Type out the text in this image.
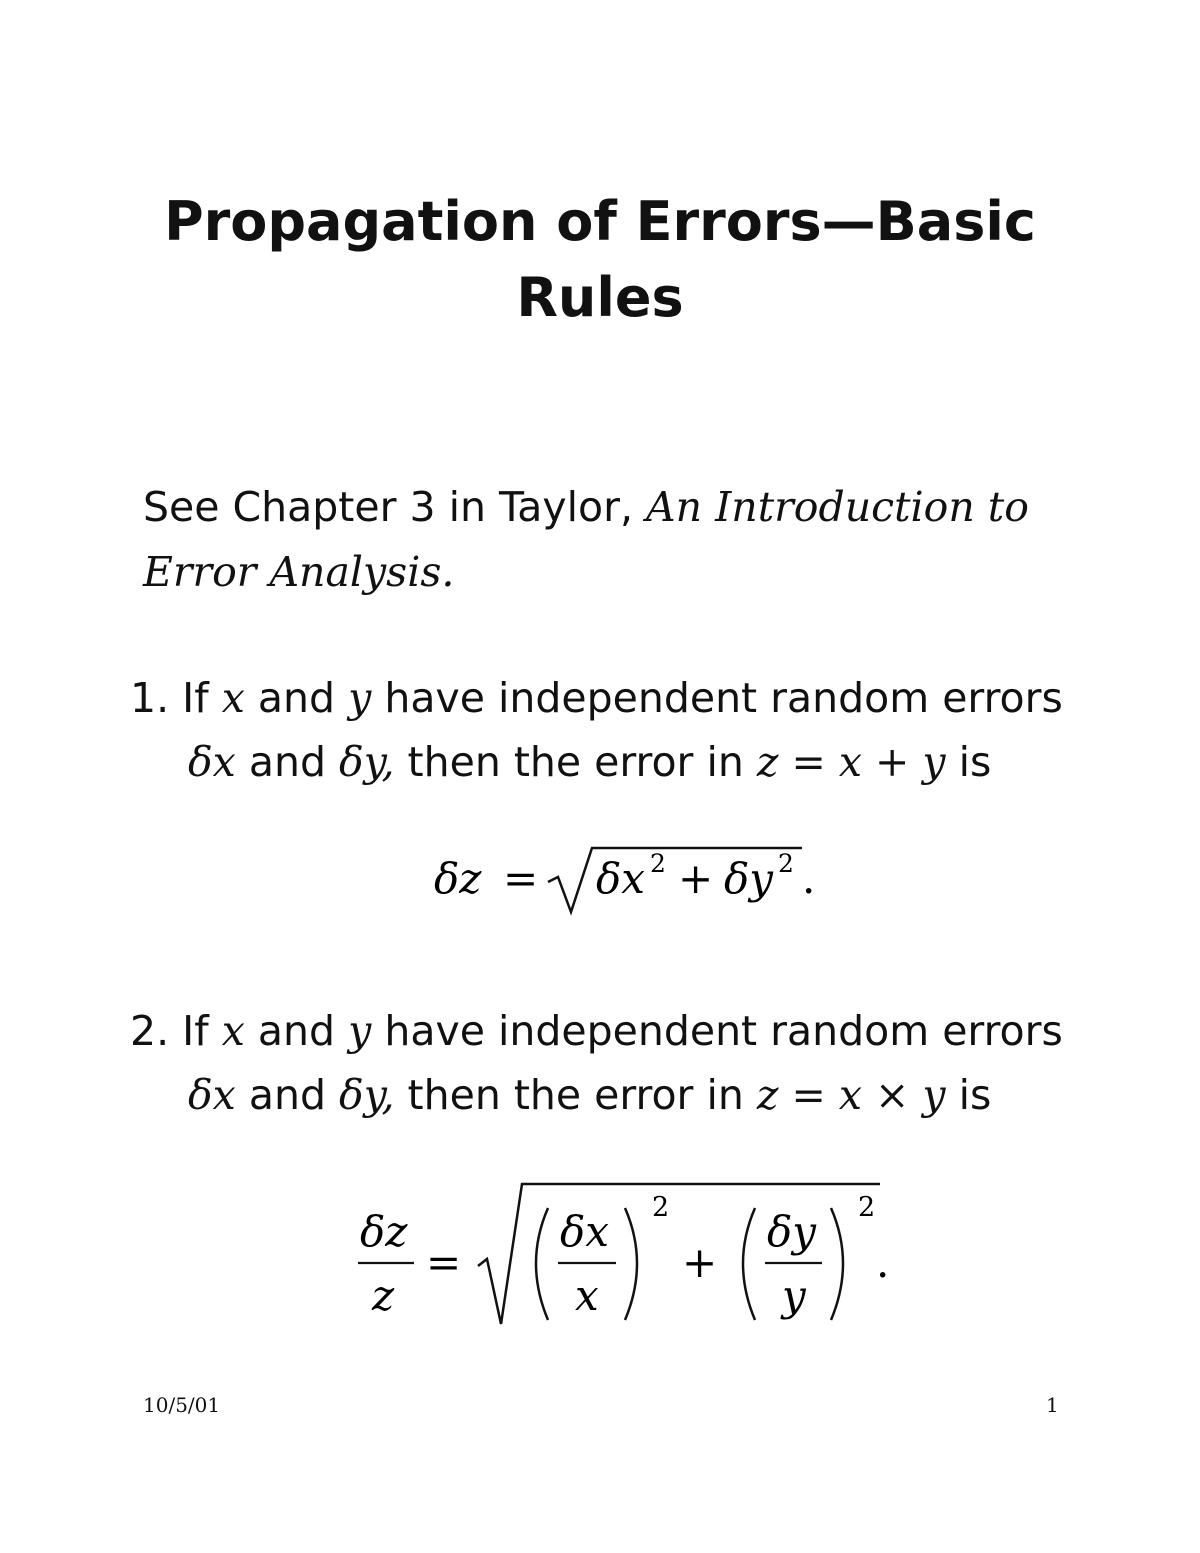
Propagation of Errors—Basic
Rules
See Chapter 3 in Taylor, An Introduction to
Error Analysis.
1. If x and y have independent random errors
δx and δy, then the error in z = x + y is
δz = δx 2 + δy 2 .
2. If x and y have independent random errors
δx and δy, then the error in z = x × y is
δz
z
=
δx
x
2
+
δy
y
2
.
10/5/01	1
